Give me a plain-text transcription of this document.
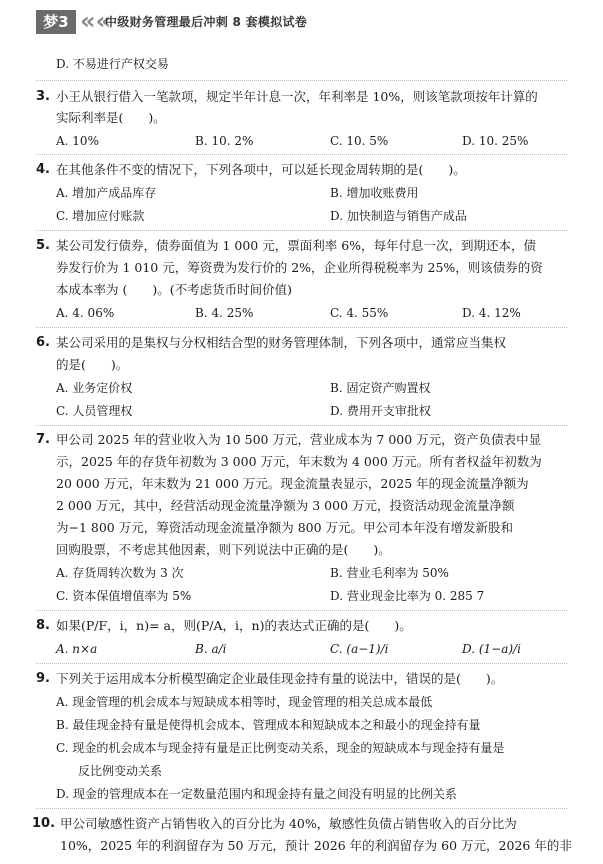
梦3 ««
中级财务管理最后冲刺 8 套模拟试卷
D. 不易进行产权交易
3. 小王从银行借入一笔款项，规定半年计息一次，年利率是 10%，则该笔款项按年计算的
实际利率是(　　)。
A. 10%	B. 10. 2%	C. 10. 5%	D. 10. 25%
4. 在其他条件不变的情况下，下列各项中，可以延长现金周转期的是(　　)。
A. 增加产成品库存	B. 增加收账费用
C. 增加应付账款	D. 加快制造与销售产成品
5. 某公司发行债券，债券面值为 1 000 元，票面利率 6%，每年付息一次，到期还本，债
券发行价为 1 010 元，筹资费为发行价的 2%，企业所得税税率为 25%，则该债券的资
本成本率为 (　　)。(不考虑货币时间价值)
A. 4. 06%	B. 4. 25%	C. 4. 55%	D. 4. 12%
6. 某公司采用的是集权与分权相结合型的财务管理体制，下列各项中，通常应当集权
的是(　　)。
A. 业务定价权	B. 固定资产购置权
C. 人员管理权	D. 费用开支审批权
7. 甲公司 2025 年的营业收入为 10 500 万元，营业成本为 7 000 万元，资产负债表中显
示，2025 年的存货年初数为 3 000 万元，年末数为 4 000 万元。所有者权益年初数为
20 000 万元，年末数为 21 000 万元。现金流量表显示，2025 年的现金流量净额为
2 000 万元，其中，经营活动现金流量净额为 3 000 万元，投资活动现金流量净额
为−1 800 万元，筹资活动现金流量净额为 800 万元。甲公司本年没有增发新股和
回购股票，不考虑其他因素，则下列说法中正确的是(　　)。
A. 存货周转次数为 3 次	B. 营业毛利率为 50%
C. 资本保值增值率为 5%	D. 营业现金比率为 0. 285 7
8. 如果(P/F，i，n)= a，则(P/A，i，n)的表达式正确的是(　　)。
A. n×a	B. a/i	C. (a−1)/i	D. (1−a)/i
9. 下列关于运用成本分析模型确定企业最佳现金持有量的说法中，错误的是(　　)。
A. 现金管理的机会成本与短缺成本相等时，现金管理的相关总成本最低
B. 最佳现金持有量是使得机会成本、管理成本和短缺成本之和最小的现金持有量
C. 现金的机会成本与现金持有量是正比例变动关系，现金的短缺成本与现金持有量是
反比例变动关系
D. 现金的管理成本在一定数量范围内和现金持有量之间没有明显的比例关系
10. 甲公司敏感性资产占销售收入的百分比为 40%，敏感性负债占销售收入的百分比为
10%，2025 年的利润留存为 50 万元，预计 2026 年的利润留存为 60 万元，2026 年的非
